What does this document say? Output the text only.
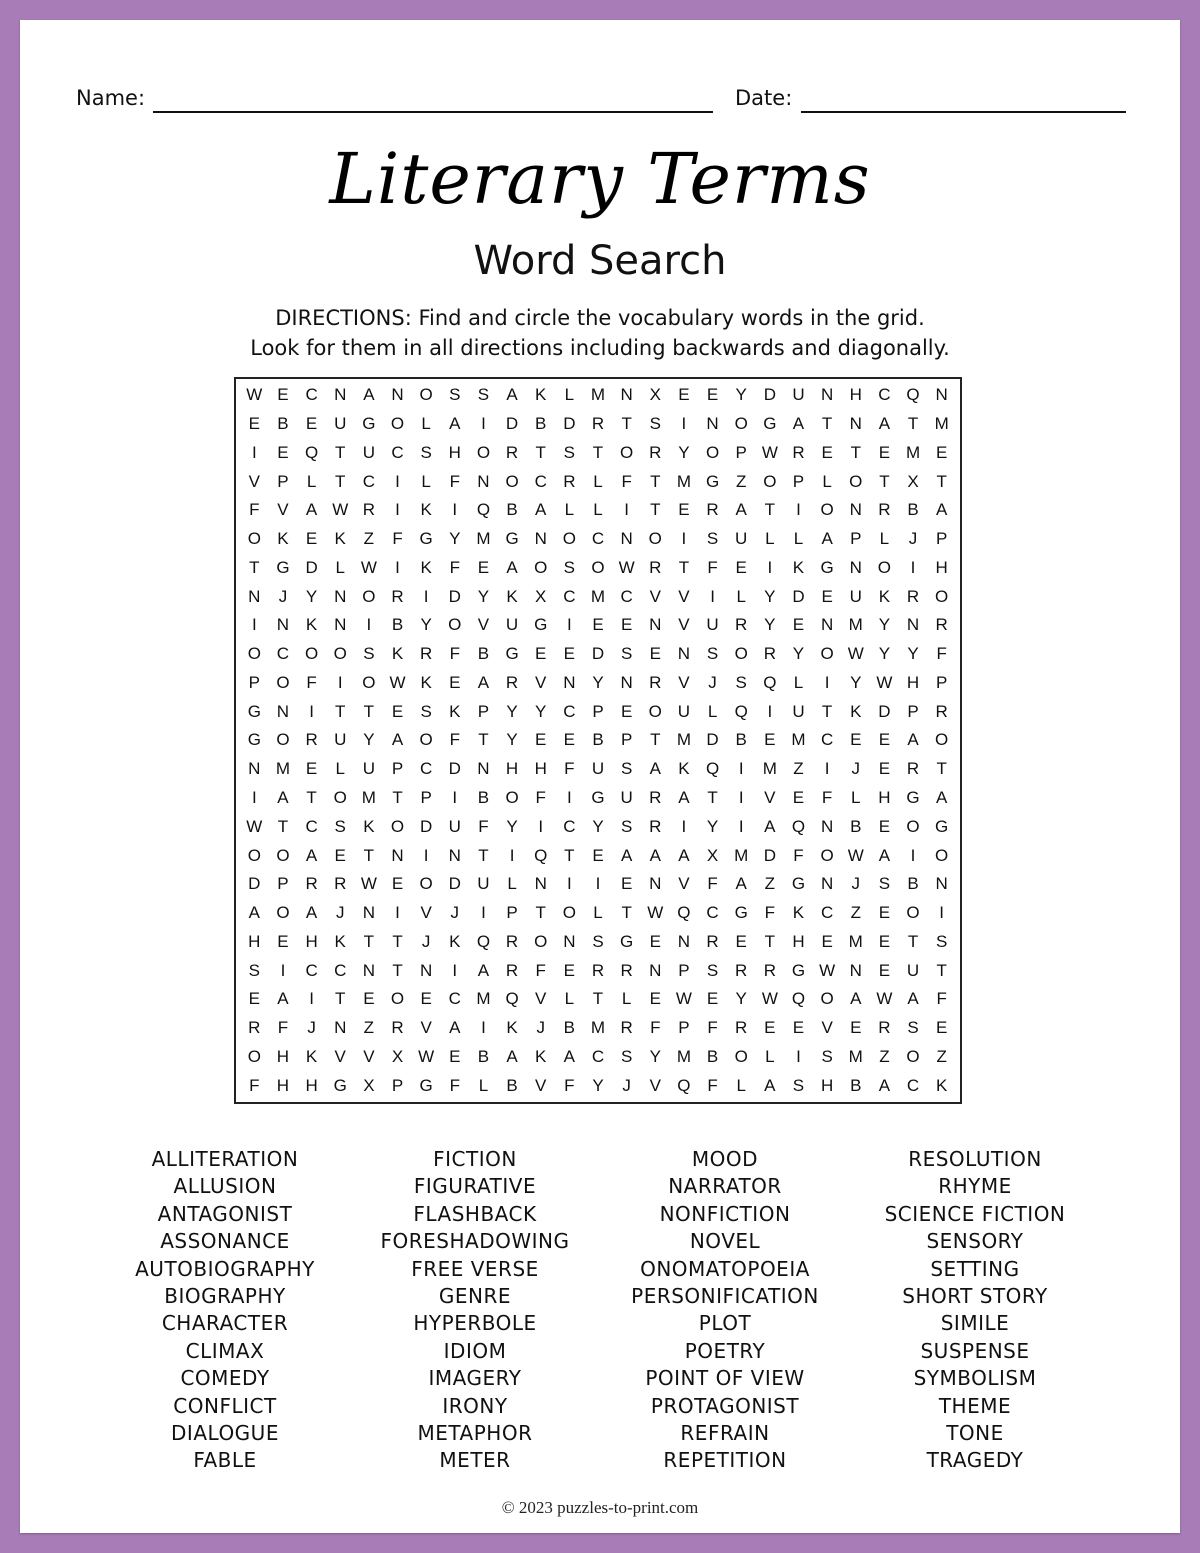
Name:	Date:
Literary Terms
Word Search
DIRECTIONS: Find and circle the vocabulary words in the grid.
Look for them in all directions including backwards and diagonally.
W E C N A N O S	S	A	K	L M N X	E	E	Y D U N H C Q N
E	B	E U G O	L	A	I	D B D R	T	S	I	N O G A	T	N A	T M
I	E Q T	U C S H O R	T	S	T O R Y O P W R E	T	E M E
V	P	L	T	C	I	L	F	N O C R	L	F	T M G Z O P	L	O T	X	T
F	V	A W R	I	K	I	Q B	A	L	L	I	T	E R A	T	I	O N R B	A
O K	E	K	Z	F G Y M G N O C N O	I	S U	L	L	A	P	L	J	P
T G D	L W	I	K	F	E	A O S O W R	T	F	E	I	K G N O	I	H
N	J	Y N O R	I	D Y	K	X C M C V	V	I	L	Y D E U K R O
I	N K N	I	B	Y O V U G	I	E	E N V U R Y	E N M Y N R
O C O O S	K R	F	B G E	E D S	E N S O R Y O W Y	Y	F
P O F	I	O W K	E	A R V N Y N R V	J	S Q	L	I	Y W H P
G N	I	T	T	E	S	K	P	Y	Y C P	E O U	L	Q	I	U	T	K D P R
G O R U Y	A O F	T	Y	E	E	B	P	T M D B	E M C E	E	A O
N M E	L	U P C D N H H	F	U S	A	K Q	I	M Z	I	J	E R	T
I	A	T O M T	P	I	B O F	I	G U R A	T	I	V	E	F	L	H G A
W T	C S	K O D U	F	Y	I	C Y	S R	I	Y	I	A Q N B	E O G
O O A	E	T	N	I	N	T	I	Q T	E	A	A	A	X M D	F O W A	I	O
D P R R W E O D U	L	N	I	I	E N V	F	A	Z G N	J	S	B N
A O A	J	N	I	V	J	I	P	T O	L	T W Q C G F	K C	Z	E O	I
H E H K	T	T	J	K Q R O N S G E N R E	T	H E M E	T	S
S	I	C C N	T	N	I	A R	F	E R R N P	S R R G W N E U	T
E	A	I	T	E O E C M Q V	L	T	L	E W E	Y W Q O A W A	F
R	F	J	N	Z	R V	A	I	K	J	B M R	F	P	F	R E	E	V	E R S	E
O H K	V	V	X W E	B	A	K	A C S	Y M B O	L	I	S M Z O Z
F	H H G X	P G F	L	B	V	F	Y	J	V Q F	L	A	S H B	A C K
ALLITERATION
ALLUSION
ANTAGONIST
ASSONANCE
AUTOBIOGRAPHY
BIOGRAPHY
CHARACTER
CLIMAX
COMEDY
CONFLICT
DIALOGUE
FABLE
FICTION
FIGURATIVE
FLASHBACK
FORESHADOWING
FREE VERSE
GENRE
HYPERBOLE
IDIOM
IMAGERY
IRONY
METAPHOR
METER
MOOD
NARRATOR
NONFICTION
NOVEL
ONOMATOPOEIA
PERSONIFICATION
PLOT
POETRY
POINT OF VIEW
PROTAGONIST
REFRAIN
REPETITION
RESOLUTION
RHYME
SCIENCE FICTION
SENSORY
SETTING
SHORT STORY
SIMILE
SUSPENSE
SYMBOLISM
THEME
TONE
TRAGEDY
© 2023 puzzles-to-print.com
